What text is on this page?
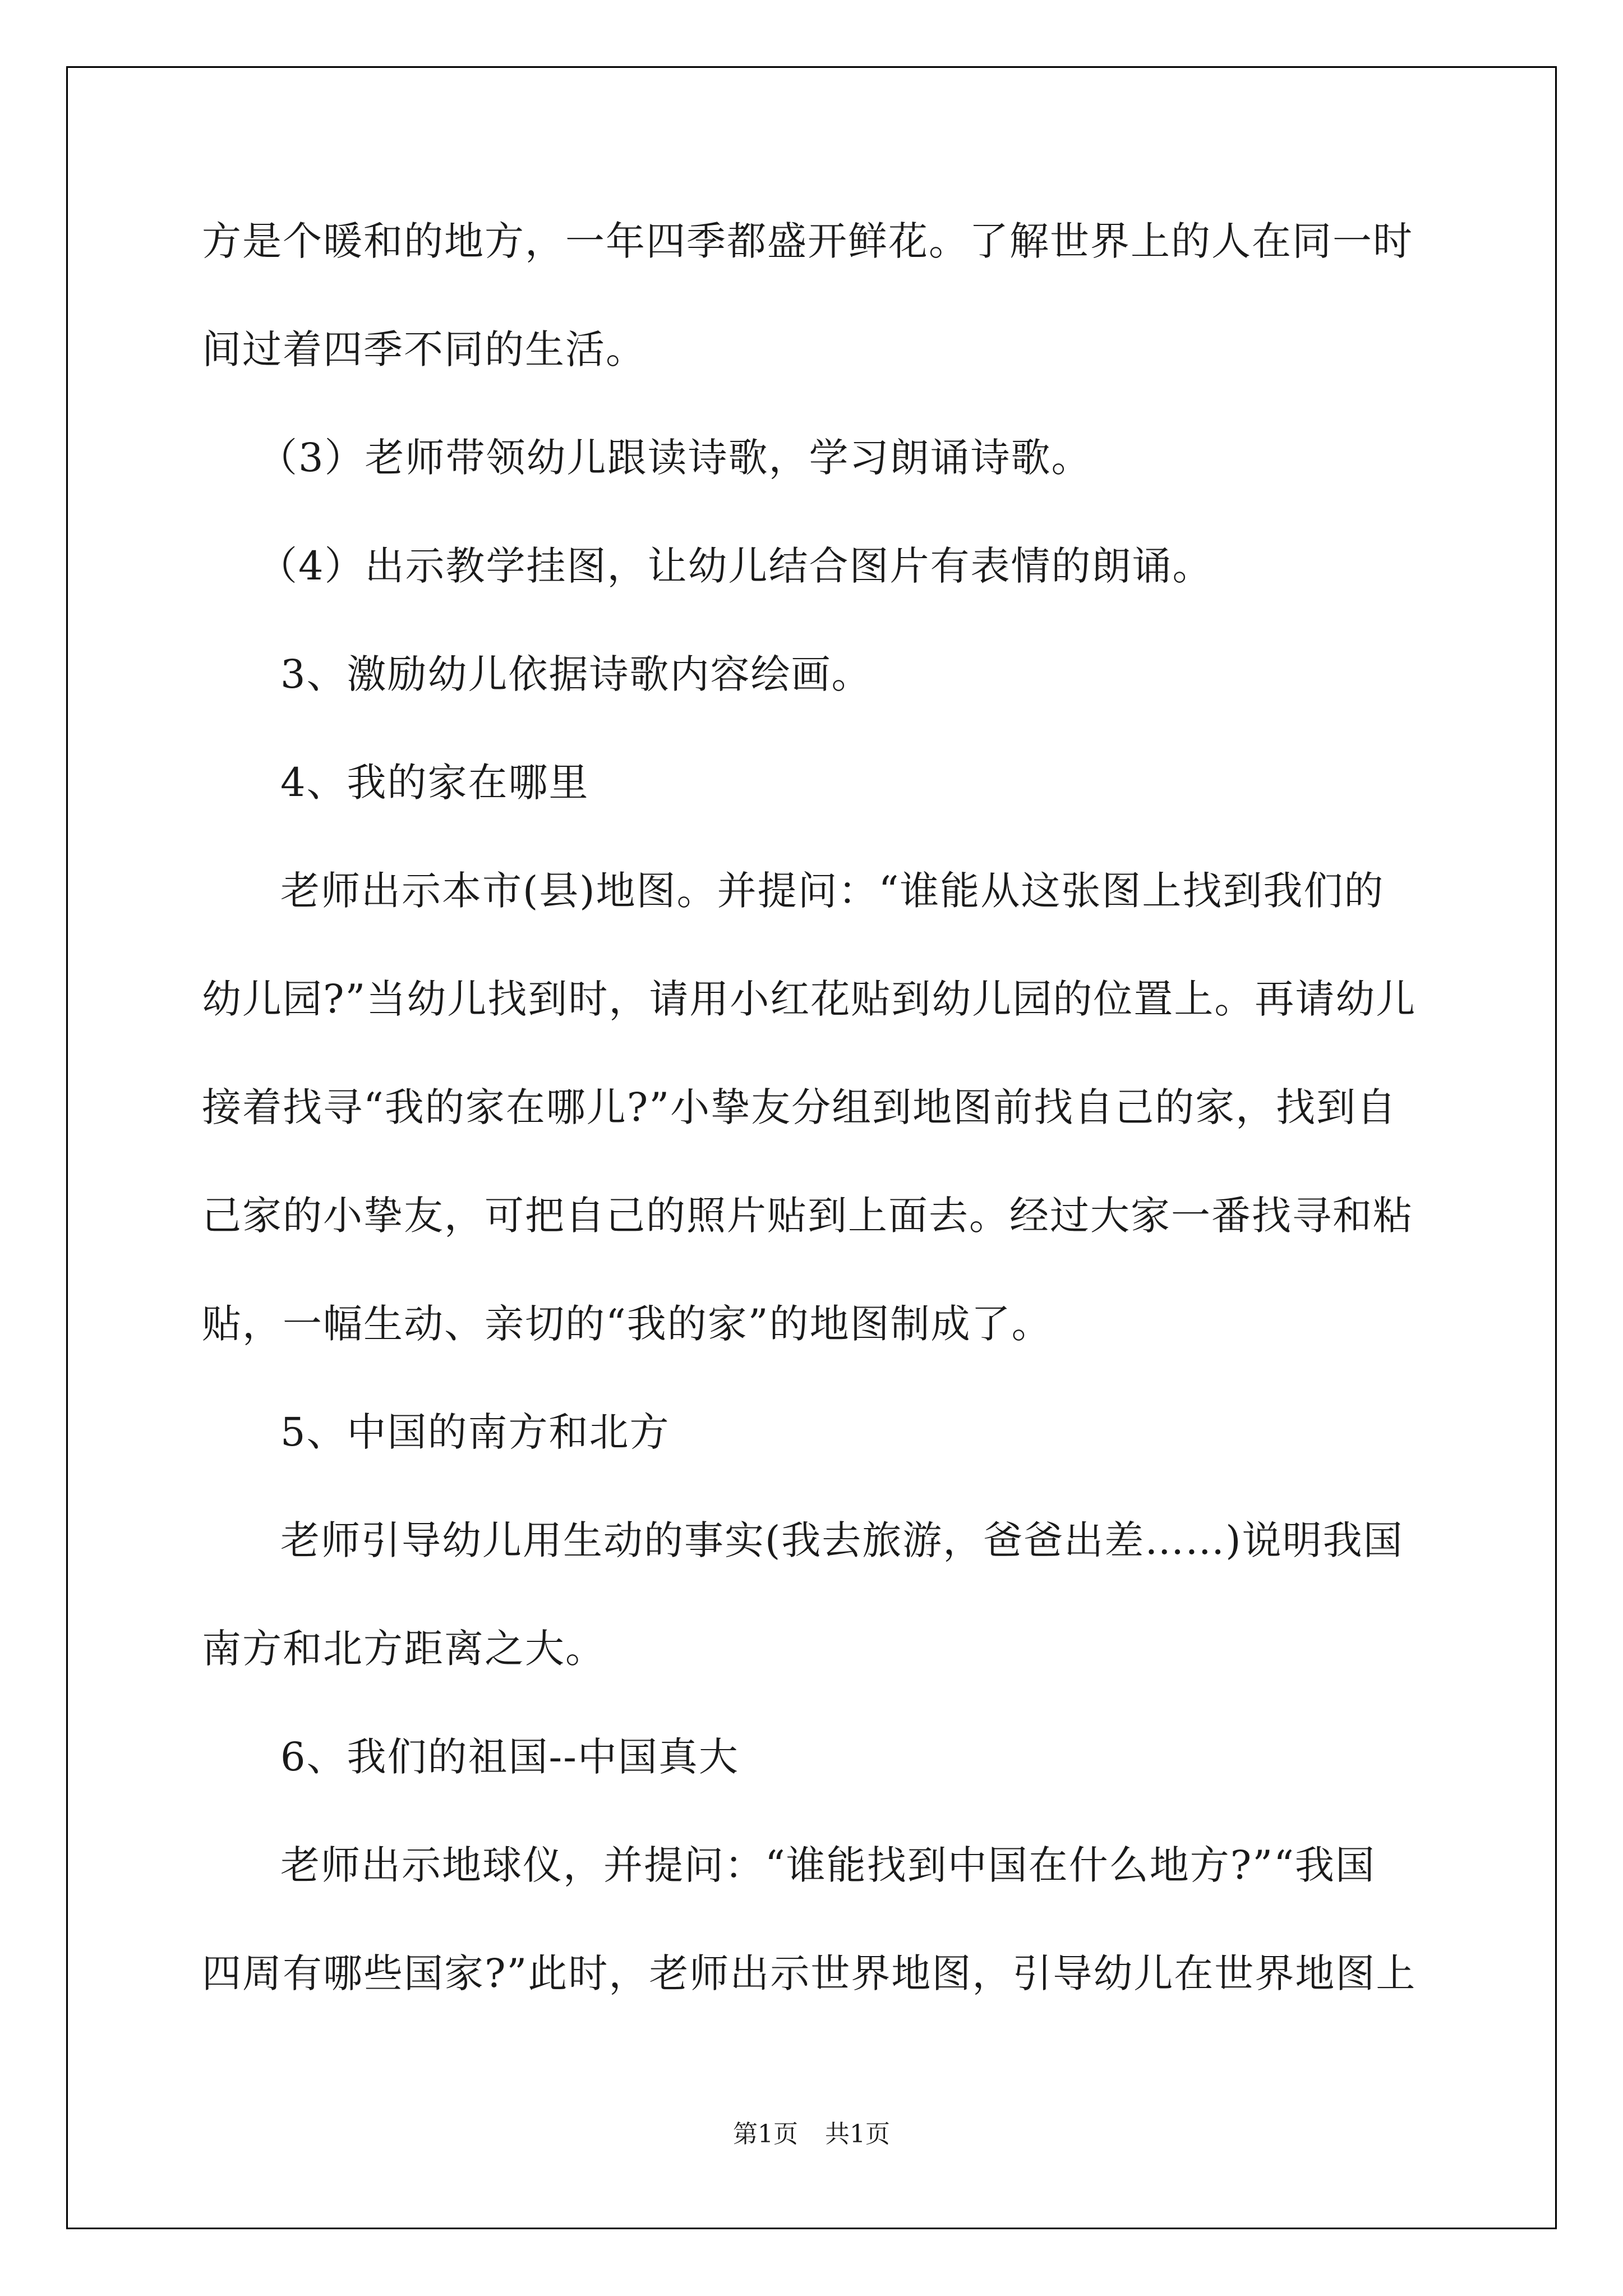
方是个暖和的地方，一年四季都盛开鲜花。了解世界上的人在同一时
间过着四季不同的生活。
（3）老师带领幼儿跟读诗歌，学习朗诵诗歌。
（4）出示教学挂图，让幼儿结合图片有表情的朗诵。
3、激励幼儿依据诗歌内容绘画。
4、我的家在哪里
老师出示本市(县)地图。并提问：“谁能从这张图上找到我们的
幼儿园?”当幼儿找到时，请用小红花贴到幼儿园的位置上。再请幼儿
接着找寻“我的家在哪儿?”小挚友分组到地图前找自己的家，找到自
己家的小挚友，可把自己的照片贴到上面去。经过大家一番找寻和粘
贴，一幅生动、亲切的“我的家”的地图制成了。
5、中国的南方和北方
老师引导幼儿用生动的事实(我去旅游，爸爸出差……)说明我国
南方和北方距离之大。
6、我们的祖国--中国真大
老师出示地球仪，并提问：“谁能找到中国在什么地方?”“我国
四周有哪些国家?”此时，老师出示世界地图，引导幼儿在世界地图上
第1页 共1页
